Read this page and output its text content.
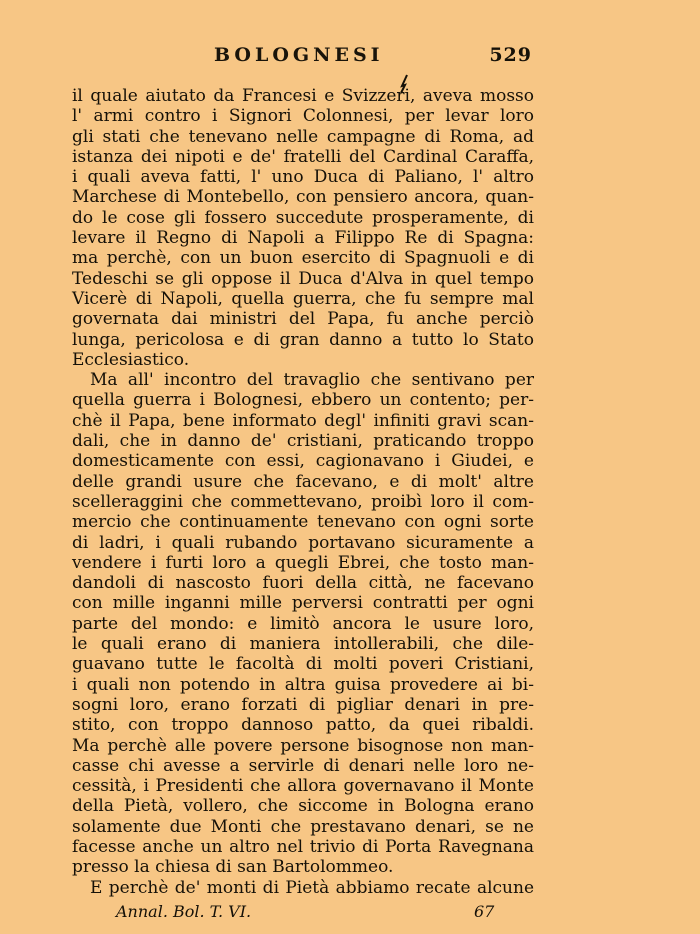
BOLOGNESI	529
il quale aiutato da Francesi e Svizzeri, aveva mosso
l' armi contro i Signori Colonnesi, per levar loro
gli stati che tenevano nelle campagne di Roma, ad
istanza dei nipoti e de' fratelli del Cardinal Caraffa,
i quali aveva fatti, l' uno Duca di Paliano, l' altro
Marchese di Montebello, con pensiero ancora, quan-
do le cose gli fossero succedute prosperamente, di
levare il Regno di Napoli a Filippo Re di Spagna:
ma perchè, con un buon esercito di Spagnuoli e di
Tedeschi se gli oppose il Duca d'Alva in quel tempo
Vicerè di Napoli, quella guerra, che fu sempre mal
governata dai ministri del Papa, fu anche perciò
lunga, pericolosa e di gran danno a tutto lo Stato
Ecclesiastico.
Ma all' incontro del travaglio che sentivano per
quella guerra i Bolognesi, ebbero un contento; per-
chè il Papa, bene informato degl' infiniti gravi scan-
dali, che in danno de' cristiani, praticando troppo
domesticamente con essi, cagionavano i Giudei, e
delle grandi usure che facevano, e di molt' altre
scelleraggini che commettevano, proibì loro il com-
mercio che continuamente tenevano con ogni sorte
di ladri, i quali rubando portavano sicuramente a
vendere i furti loro a quegli Ebrei, che tosto man-
dandoli di nascosto fuori della città, ne facevano
con mille inganni mille perversi contratti per ogni
parte del mondo: e limitò ancora le usure loro,
le quali erano di maniera intollerabili, che dile-
guavano tutte le facoltà di molti poveri Cristiani,
i quali non potendo in altra guisa provedere ai bi-
sogni loro, erano forzati di pigliar denari in pre-
stito, con troppo dannoso patto, da quei ribaldi.
Ma perchè alle povere persone bisognose non man-
casse chi avesse a servirle di denari nelle loro ne-
cessità, i Presidenti che allora governavano il Monte
della Pietà, vollero, che siccome in Bologna erano
solamente due Monti che prestavano denari, se ne
facesse anche un altro nel trivio di Porta Ravegnana
presso la chiesa di san Bartolommeo.
E perchè de' monti di Pietà abbiamo recate alcune
Annal. Bol. T. VI.	67
